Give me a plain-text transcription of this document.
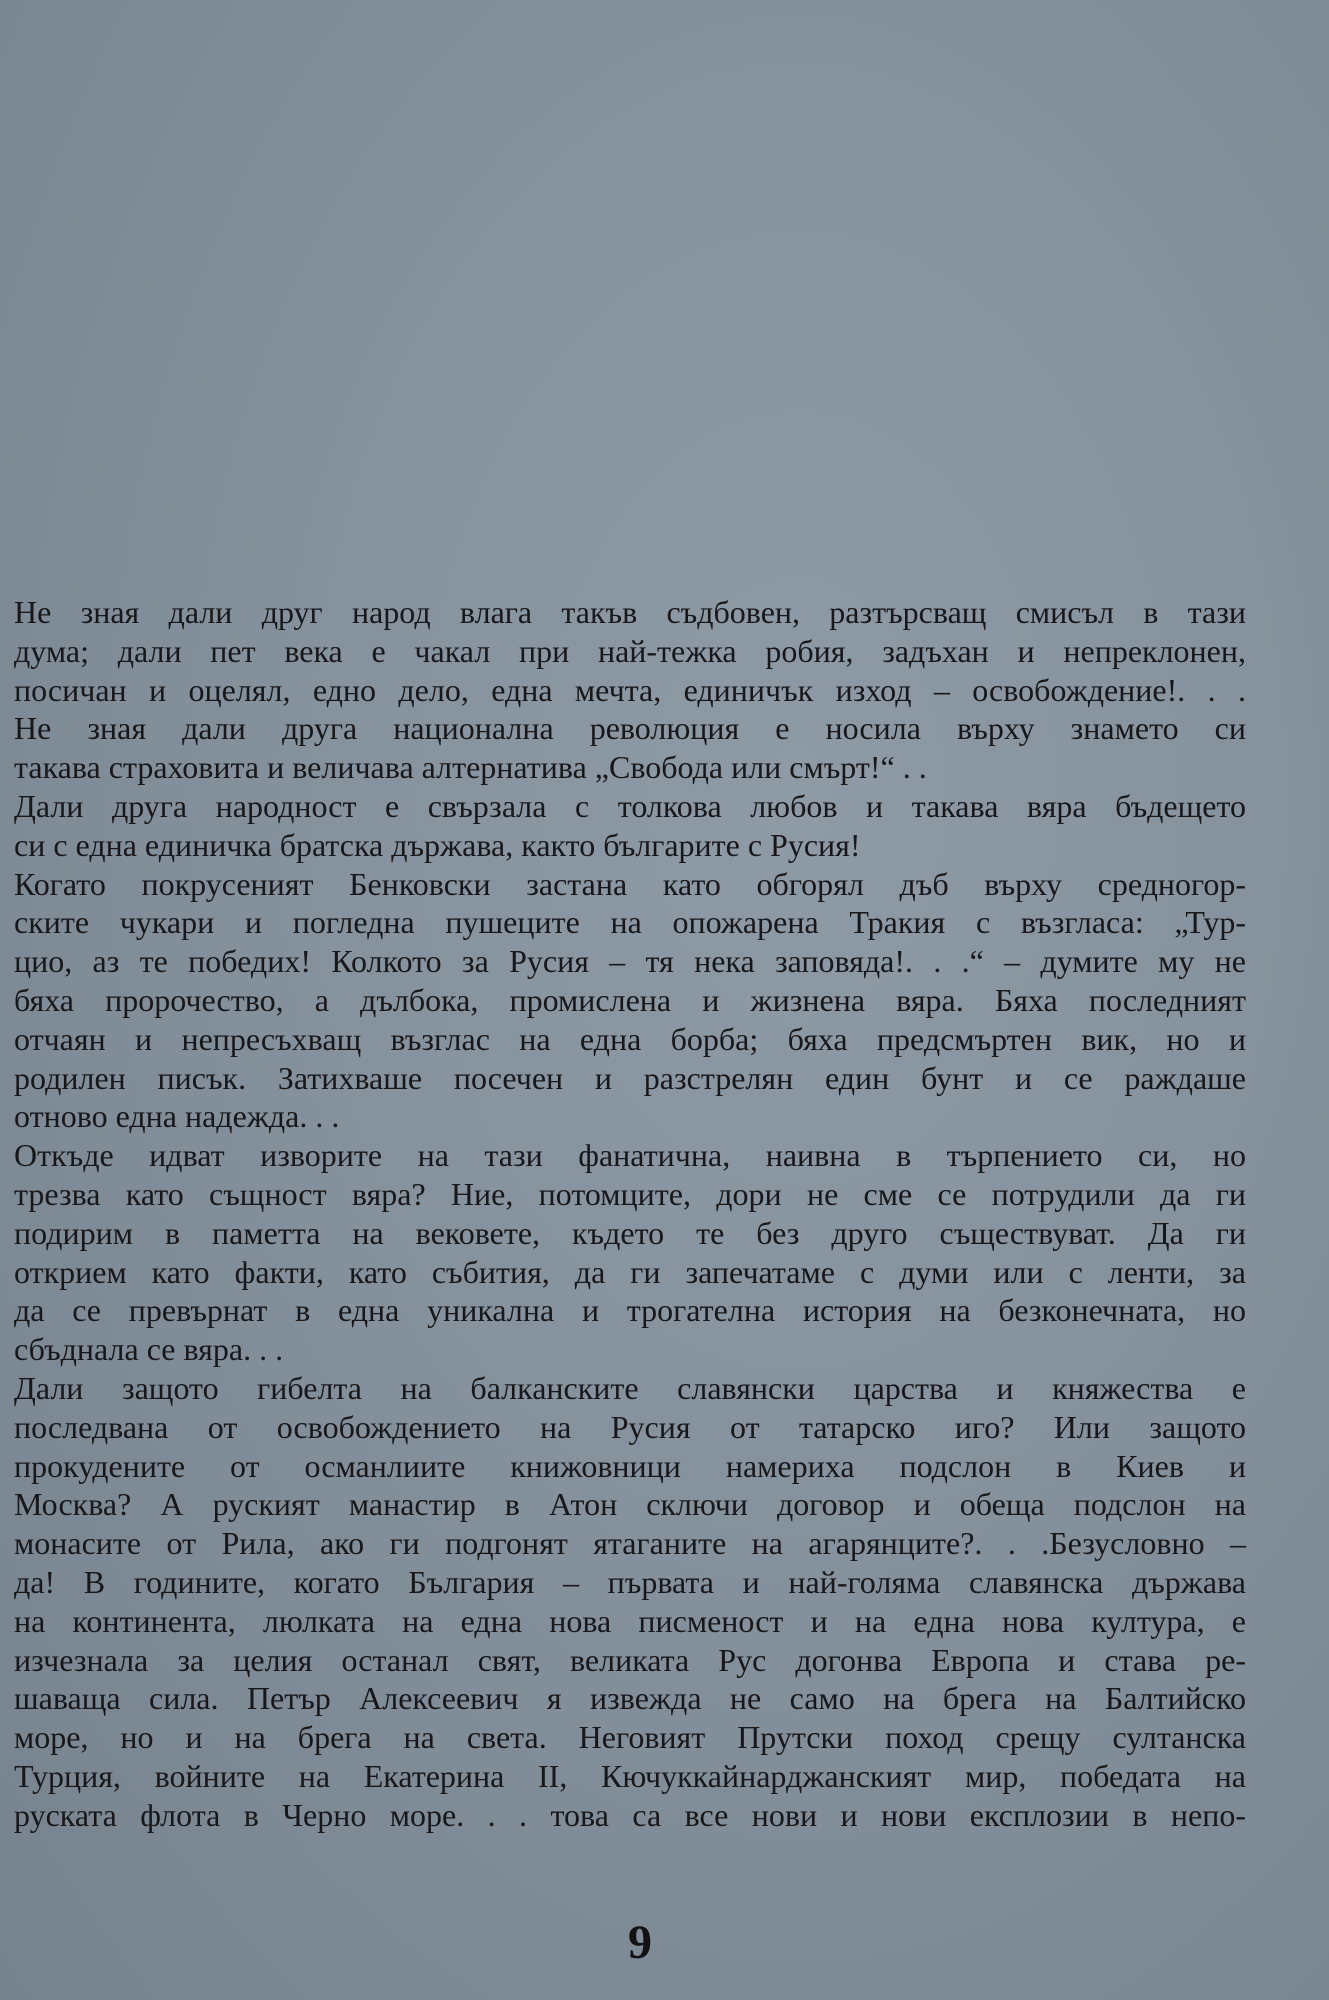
Не зная дали друг народ влага такъв съдбовен, разтърсващ смисъл в тази
дума; дали пет века е чакал при най-тежка робия, задъхан и непреклонен,
посичан и оцелял, едно дело, една мечта, единичък изход – освобождение!. . .
Не зная дали друга национална революция е носила върху знамето си
такава страховита и величава алтернатива „Свобода или смърт!“ . .
Дали друга народност е свързала с толкова любов и такава вяра бъдещето
си с една единичка братска държава, както българите с Русия!
Когато покрусеният Бенковски застана като обгорял дъб върху средногор-
ските чукари и погледна пушеците на опожарена Тракия с възгласа: „Тур-
цио, аз те победих! Колкото за Русия – тя нека заповяда!. . .“ – думите му не
бяха пророчество, а дълбока, промислена и жизнена вяра. Бяха последният
отчаян и непресъхващ възглас на една борба; бяха предсмъртен вик, но и
родилен писък. Затихваше посечен и разстрелян един бунт и се раждаше
отново една надежда. . .
Откъде идват изворите на тази фанатична, наивна в търпението си, но
трезва като същност вяра? Ние, потомците, дори не сме се потрудили да ги
подирим в паметта на вековете, където те без друго съществуват. Да ги
открием като факти, като събития, да ги запечатаме с думи или с ленти, за
да се превърнат в една уникална и трогателна история на безконечната, но
сбъднала се вяра. . .
Дали защото гибелта на балканските славянски царства и княжества е
последвана от освобождението на Русия от татарско иго? Или защото
прокудените от османлиите книжовници намериха подслон в Киев и
Москва? А руският манастир в Атон сключи договор и обеща подслон на
монасите от Рила, ако ги подгонят ятаганите на агарянците?. . .Безусловно –
да! В годините, когато България – първата и най-голяма славянска държава
на континента, люлката на една нова писменост и на една нова култура, е
изчезнала за целия останал свят, великата Рус догонва Европа и става ре-
шаваща сила. Петър Алексеевич я извежда не само на брега на Балтийско
море, но и на брега на света. Неговият Прутски поход срещу султанска
Турция, войните на Екатерина II, Кючуккайнарджанският мир, победата на
руската флота в Черно море. . . това са все нови и нови експлозии в непо-
9
